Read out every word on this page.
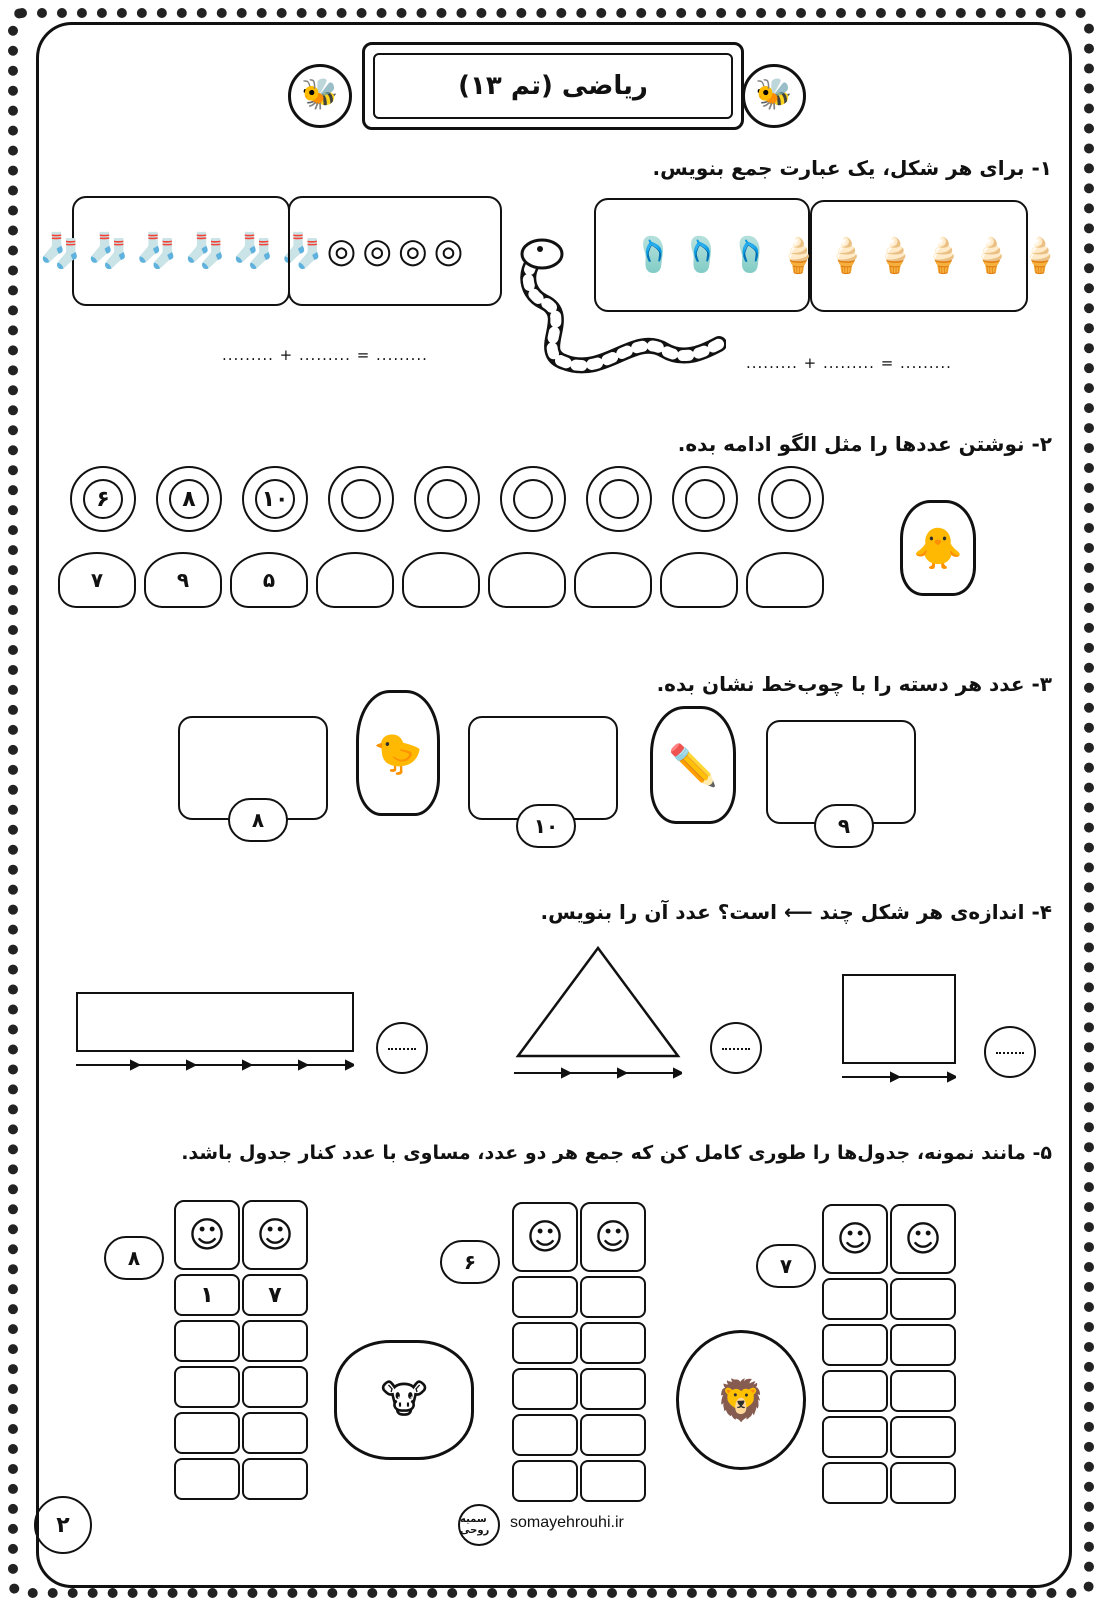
🐝	ریاضی (تم ۱۳)	🐝
۱- برای هر شکل، یک عبارت جمع بنویس.
🧦 🧦 🧦 🧦 🧦 🧦 ◎ ◎ ◎ ◎	🩴 🩴 🩴 🍦 🍦 🍦 🍦 🍦 🍦
......... + ......... = .........	......... + ......... = .........
۲- نوشتن عددها را مثل الگو ادامه بده.
۶	۸	۱۰
۷	۹	۵
🐥
۳- عدد هر دسته را با چوب‌خط نشان بده.
۸
🐤
۱۰
✏️
۹
۴- اندازه‌ی هر شکل چند ⟵ است؟ عدد آن را بنویس.
۵- مانند نمونه، جدول‌ها را طوری کامل کن که جمع هر دو عدد، مساوی با عدد کنار جدول باشد.
۸
☺ ☺
۱	۷
🐮
۶
☺ ☺
🦁
۷
☺ ☺
۲	سمیه روحی	somayehrouhi.ir
